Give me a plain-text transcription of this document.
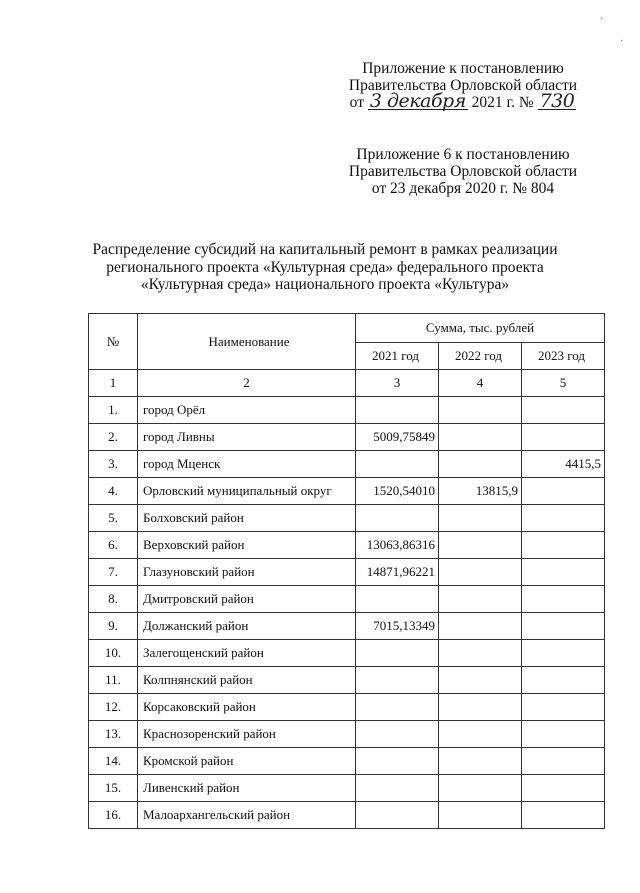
Приложение к постановлению
Правительства Орловской области
от 3 декабря 2021 г. № 730
Приложение 6 к постановлению
Правительства Орловской области
от 23 декабря 2020 г. № 804
Распределение субсидий на капитальный ремонт в рамках реализации
регионального проекта «Культурная среда» федерального проекта
«Культурная среда» национального проекта «Культура»
№	Наименование	Сумма, тыс. рублей		
		2021 год	2022 год	2023 год
1	2	3	4	5
1.	город Орёл			
2.	город Ливны	5009,75849		
3.	город Мценск			4415,5
4.	Орловский муниципальный округ	1520,54010	13815,9	
5.	Болховский район			
6.	Верховский район	13063,86316		
7.	Глазуновский район	14871,96221		
8.	Дмитровский район			
9.	Должанский район	7015,13349		
10.	Залегощенский район			
11.	Колпнянский район			
12.	Корсаковский район			
13.	Краснозоренский район			
14.	Кромской район			
15.	Ливенский район			
16.	Малоархангельский район			
·
·
